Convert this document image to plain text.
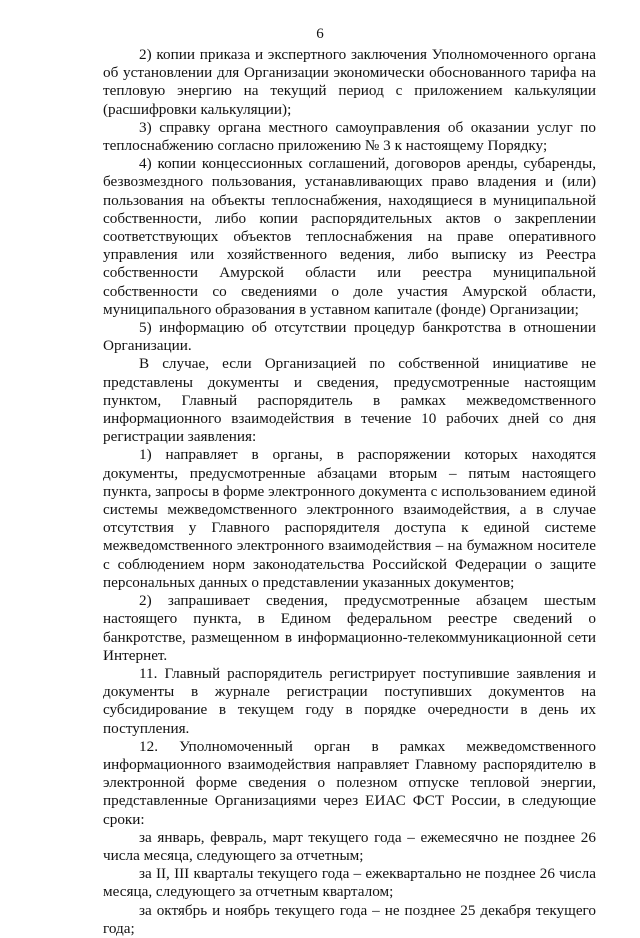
6

2) копии приказа и экспертного заключения Уполномоченного органа об установлении для Организации экономически обоснованного тарифа на тепловую энергию на текущий период с приложением калькуляции (расшифровки калькуляции);

3) справку органа местного самоуправления об оказании услуг по теплоснабжению согласно приложению № 3 к настоящему Порядку;

4) копии концессионных соглашений, договоров аренды, субаренды, безвозмездного пользования, устанавливающих право владения и (или) пользования на объекты теплоснабжения, находящиеся в муниципальной собственности, либо копии распорядительных актов о закреплении соответствующих объектов теплоснабжения на праве оперативного управления или хозяйственного ведения, либо выписку из Реестра собственности Амурской области или реестра муниципальной собственности со сведениями о доле участия Амурской области, муниципального образования в уставном капитале (фонде) Организации;

5) информацию об отсутствии процедур банкротства в отношении Организации.

В случае, если Организацией по собственной инициативе не представлены документы и сведения, предусмотренные настоящим пунктом, Главный распорядитель в рамках межведомственного информационного взаимодействия в течение 10 рабочих дней со дня регистрации заявления:

1) направляет в органы, в распоряжении которых находятся документы, предусмотренные абзацами вторым – пятым настоящего пункта, запросы в форме электронного документа с использованием единой системы межведомственного электронного взаимодействия, а в случае отсутствия у Главного распорядителя доступа к единой системе межведомственного электронного взаимодействия – на бумажном носителе с соблюдением норм законодательства Российской Федерации о защите персональных данных о представлении указанных документов;

2) запрашивает сведения, предусмотренные абзацем шестым настоящего пункта, в Едином федеральном реестре сведений о банкротстве, размещенном в информационно-телекоммуникационной сети Интернет.

11. Главный распорядитель регистрирует поступившие заявления и документы в журнале регистрации поступивших документов на субсидирование в текущем году в порядке очередности в день их поступления.

12. Уполномоченный орган в рамках межведомственного информационного взаимодействия направляет Главному распорядителю в электронной форме сведения о полезном отпуске тепловой энергии, представленные Организациями через ЕИАС ФСТ России, в следующие сроки:

за январь, февраль, март текущего года – ежемесячно не позднее 26 числа месяца, следующего за отчетным;

за II, III кварталы текущего года – ежеквартально не позднее 26 числа месяца, следующего за отчетным кварталом;

за октябрь и ноябрь текущего года – не позднее 25 декабря текущего года;
